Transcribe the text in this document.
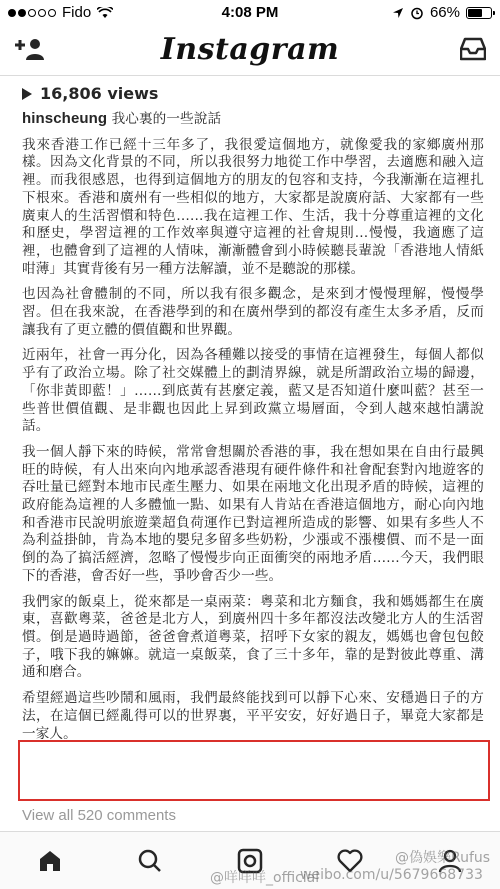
Fido	4:08 PM	66%
Instagram
16,806 views

hinscheung 我心裏的一些說話

我來香港工作已經十三年多了，我很愛這個地方，就像愛我的家鄉廣州那樣。因為文化背景的不同，所以我很努力地從工作中學習，去適應和融入這裡。而我很感恩，也得到這個地方的朋友的包容和支持，今我漸漸在這裡扎下根來。香港和廣州有一些相似的地方，大家都是說廣府話、大家都有一些廣東人的生活習慣和特色……我在這裡工作、生活，我十分尊重這裡的文化和歷史，學習這裡的工作效率與遵守這裡的社會規則…慢慢，我適應了這裡，也體會到了這裡的人情味，漸漸體會到小時候聽長輩說「香港地人情紙咁薄」其實背後有另一種方法解讀，並不是聽說的那樣。

也因為社會體制的不同，所以我有很多觀念，是來到才慢慢理解，慢慢學習。但在我來說，在香港學到的和在廣州學到的都沒有產生太多矛盾，反而讓我有了更立體的價值觀和世界觀。

近兩年，社會一再分化，因為各種難以接受的事情在這裡發生，每個人都似乎有了政治立場。除了社交媒體上的劃清界線，就是所謂政治立場的歸邊，「你非黃即藍！」……到底黃有甚麼定義，藍又是否知道什麼叫藍？甚至一些普世價值觀、是非觀也因此上昇到政黨立場層面，令到人越來越怕講說話。

我一個人靜下來的時候，常常會想關於香港的事，我在想如果在自由行最興旺的時候，有人出來向內地承認香港現有硬件條件和社會配套對內地遊客的吞吐量已經對本地市民產生壓力、如果在兩地文化出現矛盾的時候，這裡的政府能為這裡的人多體恤一點、如果有人肯站在香港這個地方，耐心向內地和香港市民說明旅遊業超負荷運作已對這裡所造成的影響、如果有多些人不為利益掛帥，肯為本地的嬰兒多留多些奶粉，少漲或不漲樓價、而不是一面倒的為了搞活經濟，忽略了慢慢步向正面衝突的兩地矛盾……今天，我們眼下的香港，會否好一些，爭吵會否少一些。

我們家的飯桌上，從來都是一桌兩菜：粵菜和北方麵食，我和媽媽都生在廣東，喜歡粵菜，爸爸是北方人，到廣州四十多年都沒法改變北方人的生活習慣。倒是過時過節，爸爸會煮道粵菜，招呼下女家的親友，媽媽也會包包餃子，哦下我的嫲嫲。就這一桌飯菜，食了三十多年，靠的是對彼此尊重、溝通和磨合。

希望經過這些吵鬧和風雨，我們最終能找到可以靜下心來、安穩過日子的方法，在這個已經亂得可以的世界裏，平平安安，好好過日子，畢竟大家都是一家人。

View all 520 comments
@咩咩咩_official
@偽娛樂Rufus
weibo.com/u/5679668733
